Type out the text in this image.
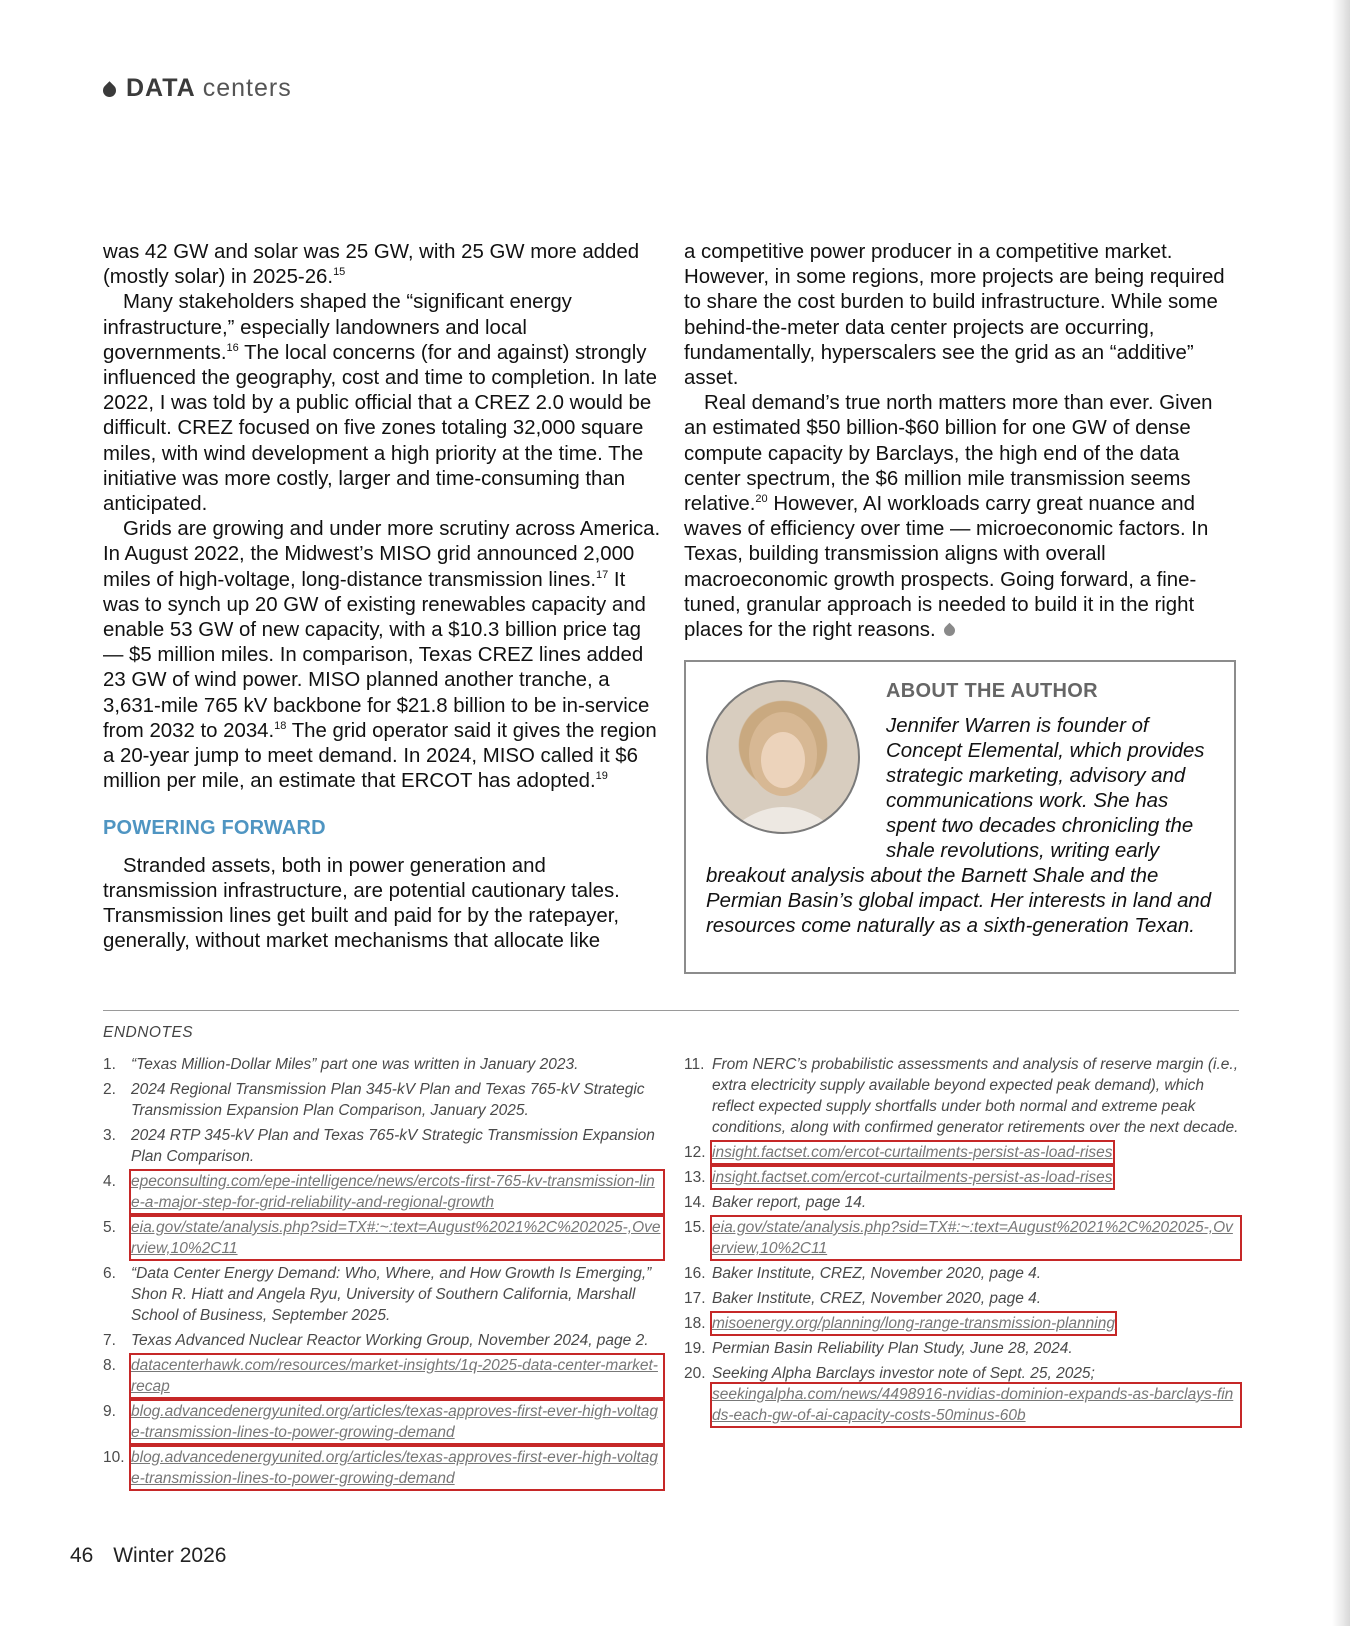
DATA centers

was 42 GW and solar was 25 GW, with 25 GW more added (mostly solar) in 2025-26.15

Many stakeholders shaped the “significant energy infrastructure,” especially landowners and local governments.$^{16}$ The local concerns (for and against) strongly influenced the geography, cost and time to completion. In late 2022, I was told by a public official that a CREZ 2.0 would be difficult. CREZ focused on five zones totaling 32,000 square miles, with wind development a high priority at the time. The initiative was more costly, larger and time-consuming than anticipated.

Grids are growing and under more scrutiny across America. In August 2022, the Midwest’s MISO grid announced 2,000 miles of high-voltage, long-distance transmission lines.$^{17}$ It was to synch up 20 GW of existing renewables capacity and enable 53 GW of new capacity, with a $10.3 billion price tag — $5 million miles. In comparison, Texas CREZ lines added 23 GW of wind power. MISO planned another tranche, a 3,631-mile 765 kV backbone for $21.8 billion to be in-service from 2032 to 2034.18 The grid operator said it gives the region a 20-year jump to meet demand. In 2024, MISO called it $6 million per mile, an estimate that ERCOT has adopted.$^{19}$

POWERING FORWARD

Stranded assets, both in power generation and transmission infrastructure, are potential cautionary tales. Transmission lines get built and paid for by the ratepayer, generally, without market mechanisms that allocate like

a competitive power producer in a competitive market. However, in some regions, more projects are being required to share the cost burden to build infrastructure. While some behind-the-meter data center projects are occurring, fundamentally, hyperscalers see the grid as an “additive” asset.

Real demand’s true north matters more than ever. Given an estimated $50 billion-$60 billion for one GW of dense compute capacity by Barclays, the high end of the data center spectrum, the $6 million mile transmission seems relative.$^{20}$ However, AI workloads carry great nuance and waves of efficiency over time — microeconomic factors. In Texas, building transmission aligns with overall macroeconomic growth prospects. Going forward, a fine-tuned, granular approach is needed to build it in the right places for the right reasons.

ABOUT THE AUTHOR
Jennifer Warren is founder of Concept Elemental, which provides strategic marketing, advisory and communications work. She has spent two decades chronicling the shale revolutions, writing early breakout analysis about the Barnett Shale and the Permian Basin’s global impact. Her interests in land and resources come naturally as a sixth-generation Texan.
ENDNOTES
1. “Texas Million-Dollar Miles” part one was written in January 2023.
2. 2024 Regional Transmission Plan 345-kV Plan and Texas 765-kV Strategic Transmission Expansion Plan Comparison, January 2025.
3. 2024 RTP 345-kV Plan and Texas 765-kV Strategic Transmission Expansion Plan Comparison.
4. epeconsulting.com/epe-intelligence/news/ercots-first-765-kv-transmission-line-a-major-step-for-grid-reliability-and-regional-growth
5. eia.gov/state/analysis.php?sid=TX#:~:text=August%2021%2C%202025-,Overview,10%2C11
6. “Data Center Energy Demand: Who, Where, and How Growth Is Emerging,” Shon R. Hiatt and Angela Ryu, University of Southern California, Marshall School of Business, September 2025.
7. Texas Advanced Nuclear Reactor Working Group, November 2024, page 2.
8. datacenterhawk.com/resources/market-insights/1q-2025-data-center-market-recap
9. blog.advancedenergyunited.org/articles/texas-approves-first-ever-high-voltage-transmission-lines-to-power-growing-demand
10. blog.advancedenergyunited.org/articles/texas-approves-first-ever-high-voltage-transmission-lines-to-power-growing-demand
11. From NERC’s probabilistic assessments and analysis of reserve margin (i.e., extra electricity supply available beyond expected peak demand), which reflect expected supply shortfalls under both normal and extreme peak conditions, along with confirmed generator retirements over the next decade.
12. insight.factset.com/ercot-curtailments-persist-as-load-rises
13. insight.factset.com/ercot-curtailments-persist-as-load-rises
14. Baker report, page 14.
15. eia.gov/state/analysis.php?sid=TX#:~:text=August%2021%2C%202025-,Overview,10%2C11
16. Baker Institute, CREZ, November 2020, page 4.
17. Baker Institute, CREZ, November 2020, page 4.
18. misoenergy.org/planning/long-range-transmission-planning
19. Permian Basin Reliability Plan Study, June 28, 2024.
20. Seeking Alpha Barclays investor note of Sept. 25, 2025; seekingalpha.com/news/4498916-nvidias-dominion-expands-as-barclays-finds-each-gw-of-ai-capacity-costs-50minus-60b
46 Winter 2026
